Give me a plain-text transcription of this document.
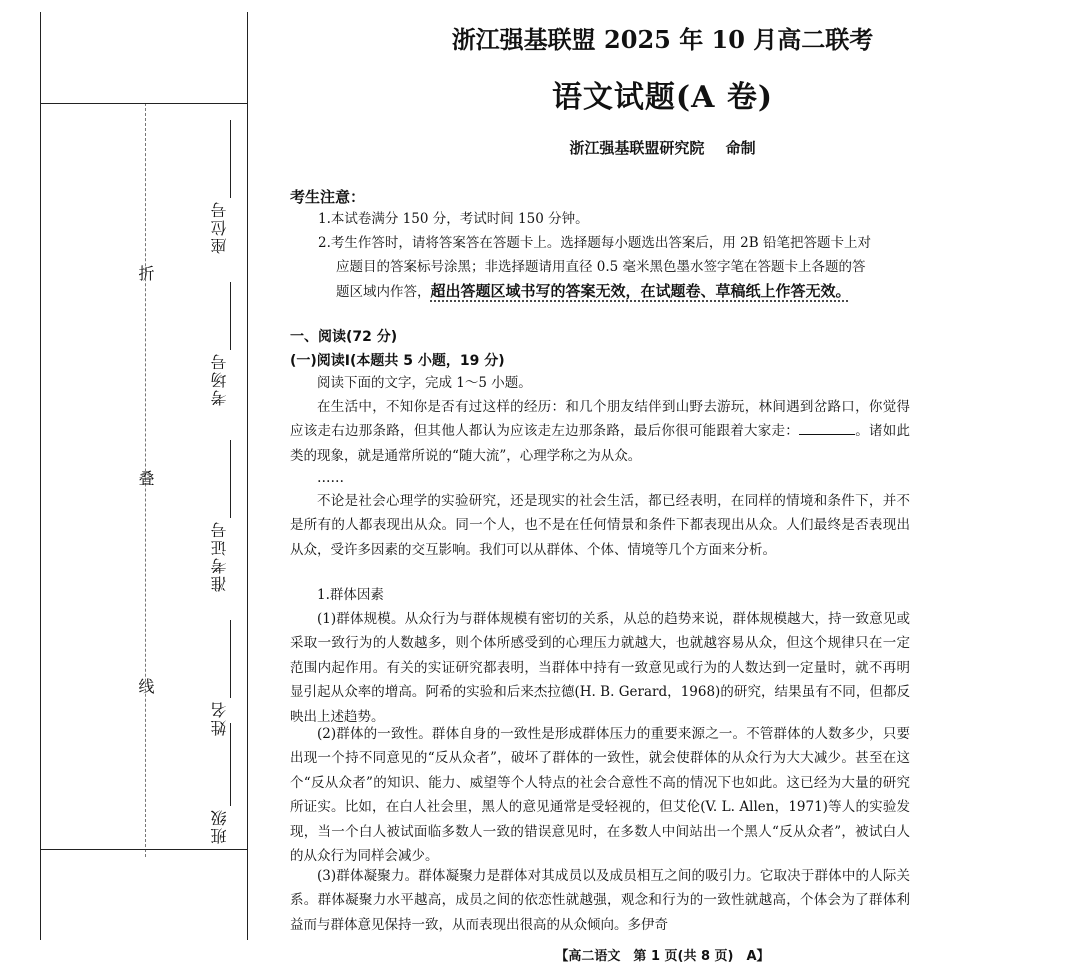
折
叠
线
座位号
考场号
准考证号
姓名
班级
浙江强基联盟 2025 年 10 月高二联考
语文试题(A 卷)
浙江强基联盟研究院 命制
考生注意：
1.本试卷满分 150 分，考试时间 150 分钟。
2.考生作答时，请将答案答在答题卡上。选择题每小题选出答案后，用 2B 铅笔把答题卡上对
应题目的答案标号涂黑；非选择题请用直径 0.5 毫米黑色墨水签字笔在答题卡上各题的答
题区域内作答，超出答题区域书写的答案无效，在试题卷、草稿纸上作答无效。
一、阅读(72 分)
(一)阅读Ⅰ(本题共 5 小题，19 分)
阅读下面的文字，完成 1～5 小题。
在生活中，不知你是否有过这样的经历：和几个朋友结伴到山野去游玩，林间遇到岔路口，你觉得应该走右边那条路，但其他人都认为应该走左边那条路，最后你很可能跟着大家走：	。诸如此类的现象，就是通常所说的“随大流”，心理学称之为从众。
……
不论是社会心理学的实验研究，还是现实的社会生活，都已经表明，在同样的情境和条件下，并不是所有的人都表现出从众。同一个人，也不是在任何情景和条件下都表现出从众。人们最终是否表现出从众，受许多因素的交互影响。我们可以从群体、个体、情境等几个方面来分析。
1.群体因素
(1)群体规模。从众行为与群体规模有密切的关系，从总的趋势来说，群体规模越大，持一致意见或采取一致行为的人数越多，则个体所感受到的心理压力就越大，也就越容易从众，但这个规律只在一定范围内起作用。有关的实证研究都表明，当群体中持有一致意见或行为的人数达到一定量时，就不再明显引起从众率的增高。阿希的实验和后来杰拉德(H. B. Gerard，1968)的研究，结果虽有不同，但都反映出上述趋势。
(2)群体的一致性。群体自身的一致性是形成群体压力的重要来源之一。不管群体的人数多少，只要出现一个持不同意见的“反从众者”，破坏了群体的一致性，就会使群体的从众行为大大减少。甚至在这个“反从众者”的知识、能力、威望等个人特点的社会合意性不高的情况下也如此。这已经为大量的研究所证实。比如，在白人社会里，黑人的意见通常是受轻视的，但艾伦(V. L. Allen，1971)等人的实验发现，当一个白人被试面临多数人一致的错误意见时，在多数人中间站出一个黑人“反从众者”，被试白人的从众行为同样会减少。
(3)群体凝聚力。群体凝聚力是群体对其成员以及成员相互之间的吸引力。它取决于群体中的人际关系。群体凝聚力水平越高，成员之间的依恋性就越强，观念和行为的一致性就越高，个体会为了群体利益而与群体意见保持一致，从而表现出很高的从众倾向。多伊奇
【高二语文　第 1 页(共 8 页)　A】
